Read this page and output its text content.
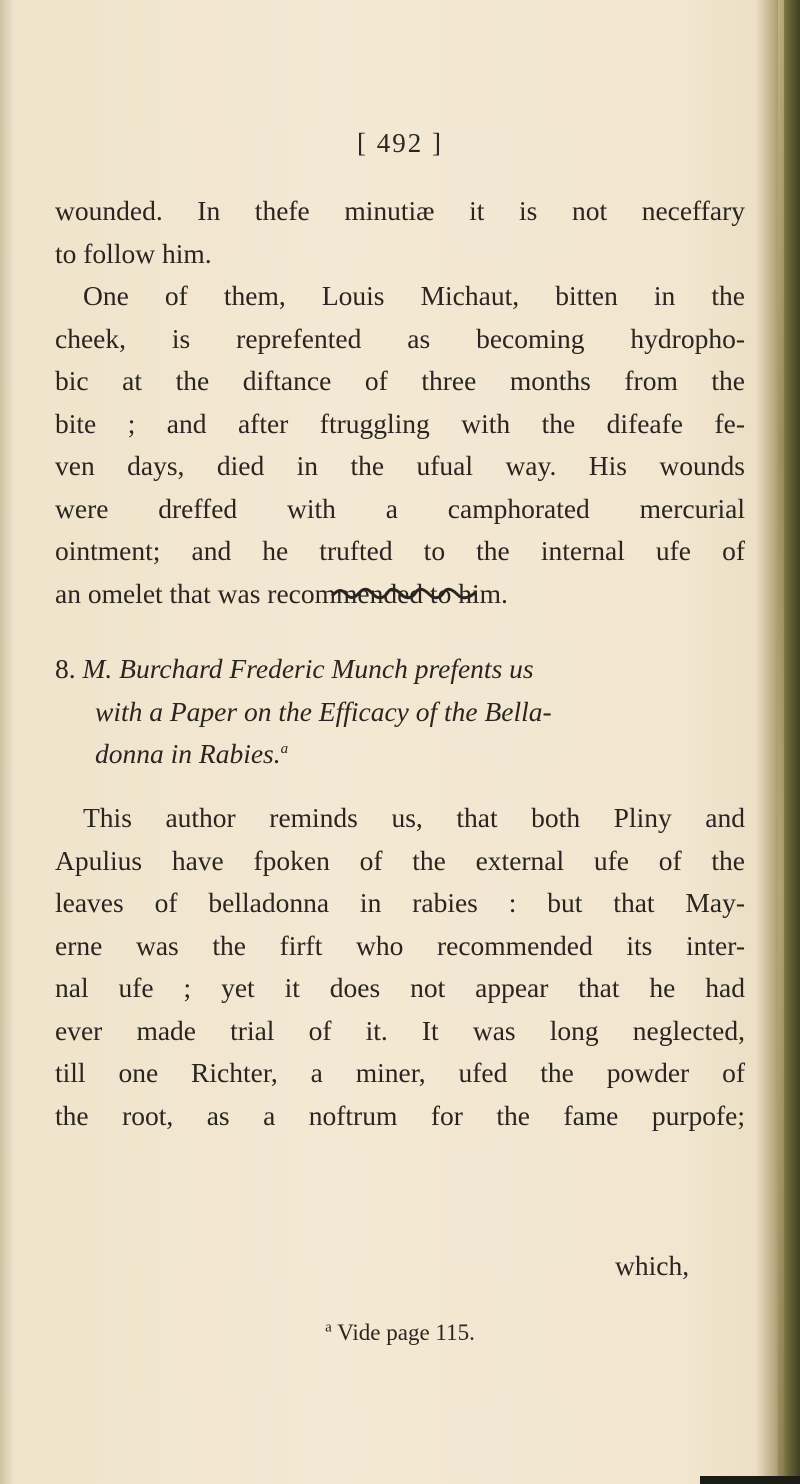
[ 492 ]
wounded. In thefe minutiæ it is not neceffary
to follow him.
One of them, Louis Michaut, bitten in the
cheek, is reprefented as becoming hydropho-
bic at the diftance of three months from the
bite ; and after ftruggling with the difeafe fe-
ven days, died in the ufual way. His wounds
were dreffed with a camphorated mercurial
ointment; and he trufted to the internal ufe of
an omelet that was recommended to him.
8. M. Burchard Frederic Munch prefents us
with a Paper on the Efficacy of the Bella-
donna in Rabies.$^a$
This author reminds us, that both Pliny and
Apulius have fpoken of the external ufe of the
leaves of belladonna in rabies : but that May-
erne was the firft who recommended its inter-
nal ufe ; yet it does not appear that he had
ever made trial of it. It was long neglected,
till one Richter, a miner, ufed the powder of
the root, as a noftrum for the fame purpofe;
which,
$^a$ Vide page 115.
